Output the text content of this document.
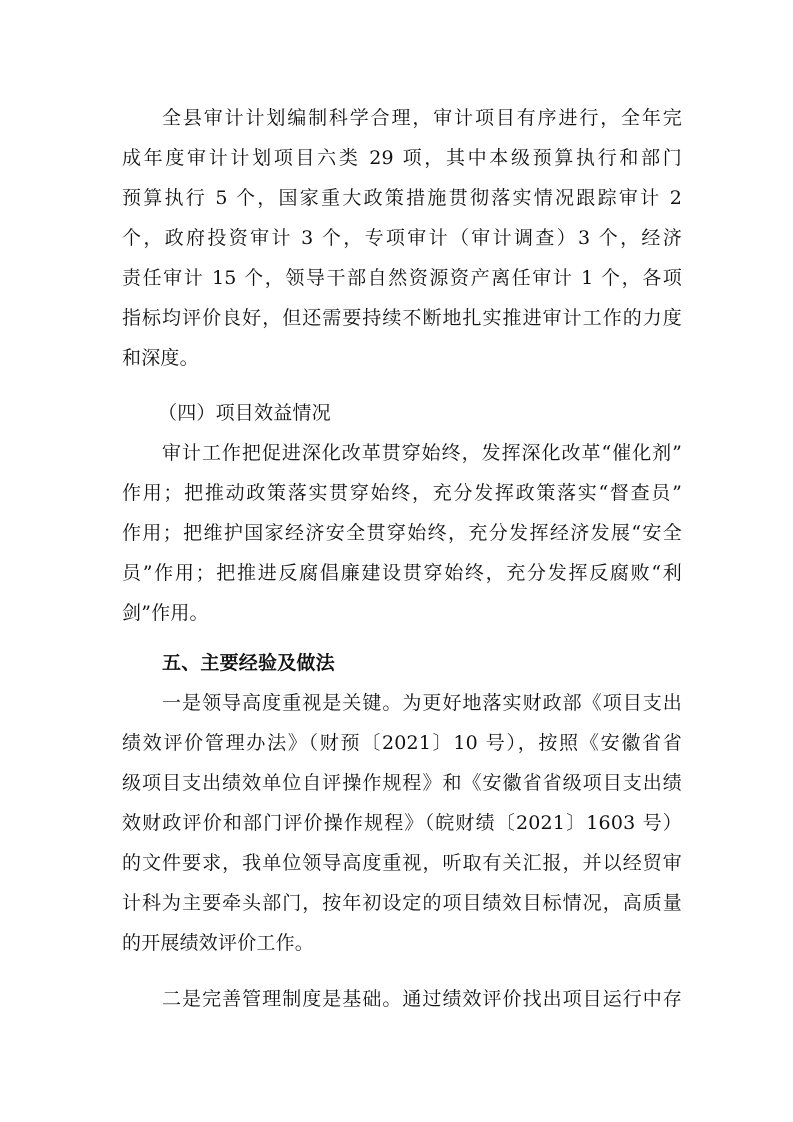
全县审计计划编制科学合理，审计项目有序进行，全年完

成年度审计计划项目六类 29 项，其中本级预算执行和部门

预算执行 5 个，国家重大政策措施贯彻落实情况跟踪审计 2

个，政府投资审计 3 个，专项审计（审计调查）3 个，经济

责任审计 15 个，领导干部自然资源资产离任审计 1 个，各项

指标均评价良好，但还需要持续不断地扎实推进审计工作的力度

和深度。

（四）项目效益情况

审计工作把促进深化改革贯穿始终，发挥深化改革“催化剂”

作用；把推动政策落实贯穿始终，充分发挥政策落实“督查员”

作用；把维护国家经济安全贯穿始终，充分发挥经济发展“安全

员”作用；把推进反腐倡廉建设贯穿始终，充分发挥反腐败“利

剑”作用。

五、主要经验及做法

一是领导高度重视是关键。为更好地落实财政部《项目支出

绩效评价管理办法》（财预〔2021〕10 号），按照《安徽省省

级项目支出绩效单位自评操作规程》和《安徽省省级项目支出绩

效财政评价和部门评价操作规程》（皖财绩〔2021〕1603 号）

的文件要求，我单位领导高度重视，听取有关汇报，并以经贸审

计科为主要牵头部门，按年初设定的项目绩效目标情况，高质量

的开展绩效评价工作。

二是完善管理制度是基础。通过绩效评价找出项目运行中存
